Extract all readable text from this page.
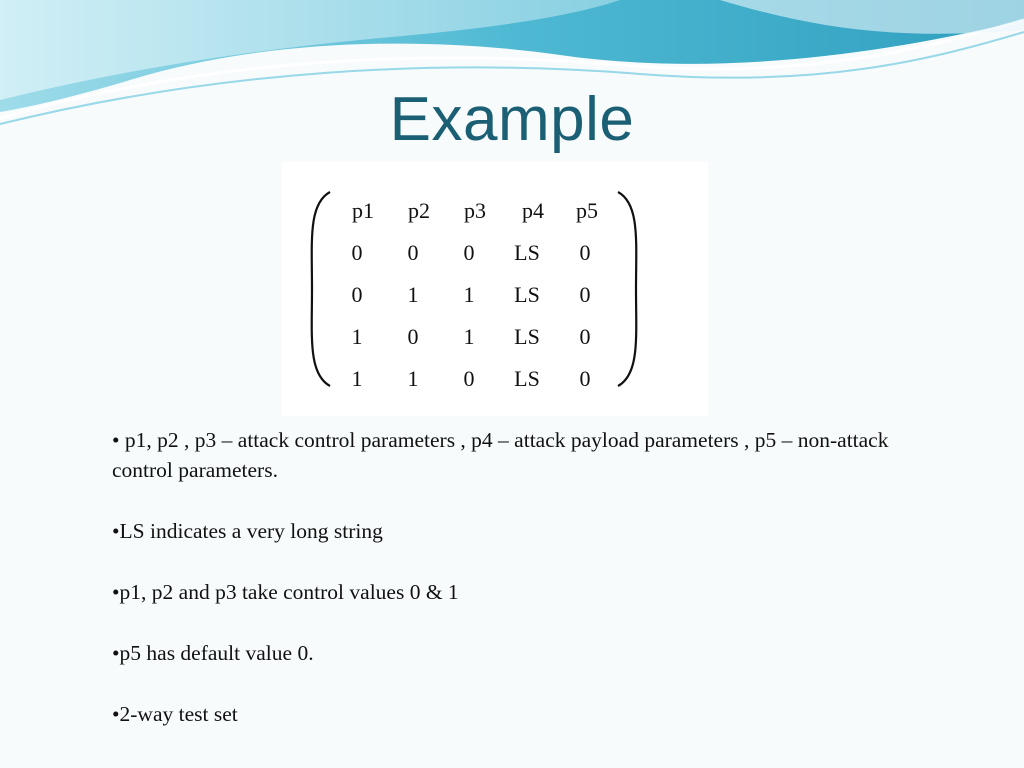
Example
p1	p2	p3	p4	p5
0	0	0	LS	0
0	1	1	LS	0
1	0	1	LS	0
1	1	0	LS	0
• p1, p2 , p3 – attack control parameters , p4 – attack payload parameters , p5 – non-attack control parameters.
•LS indicates a very long string
•p1, p2 and p3 take control values 0 & 1
•p5 has default value 0.
•2-way test set
